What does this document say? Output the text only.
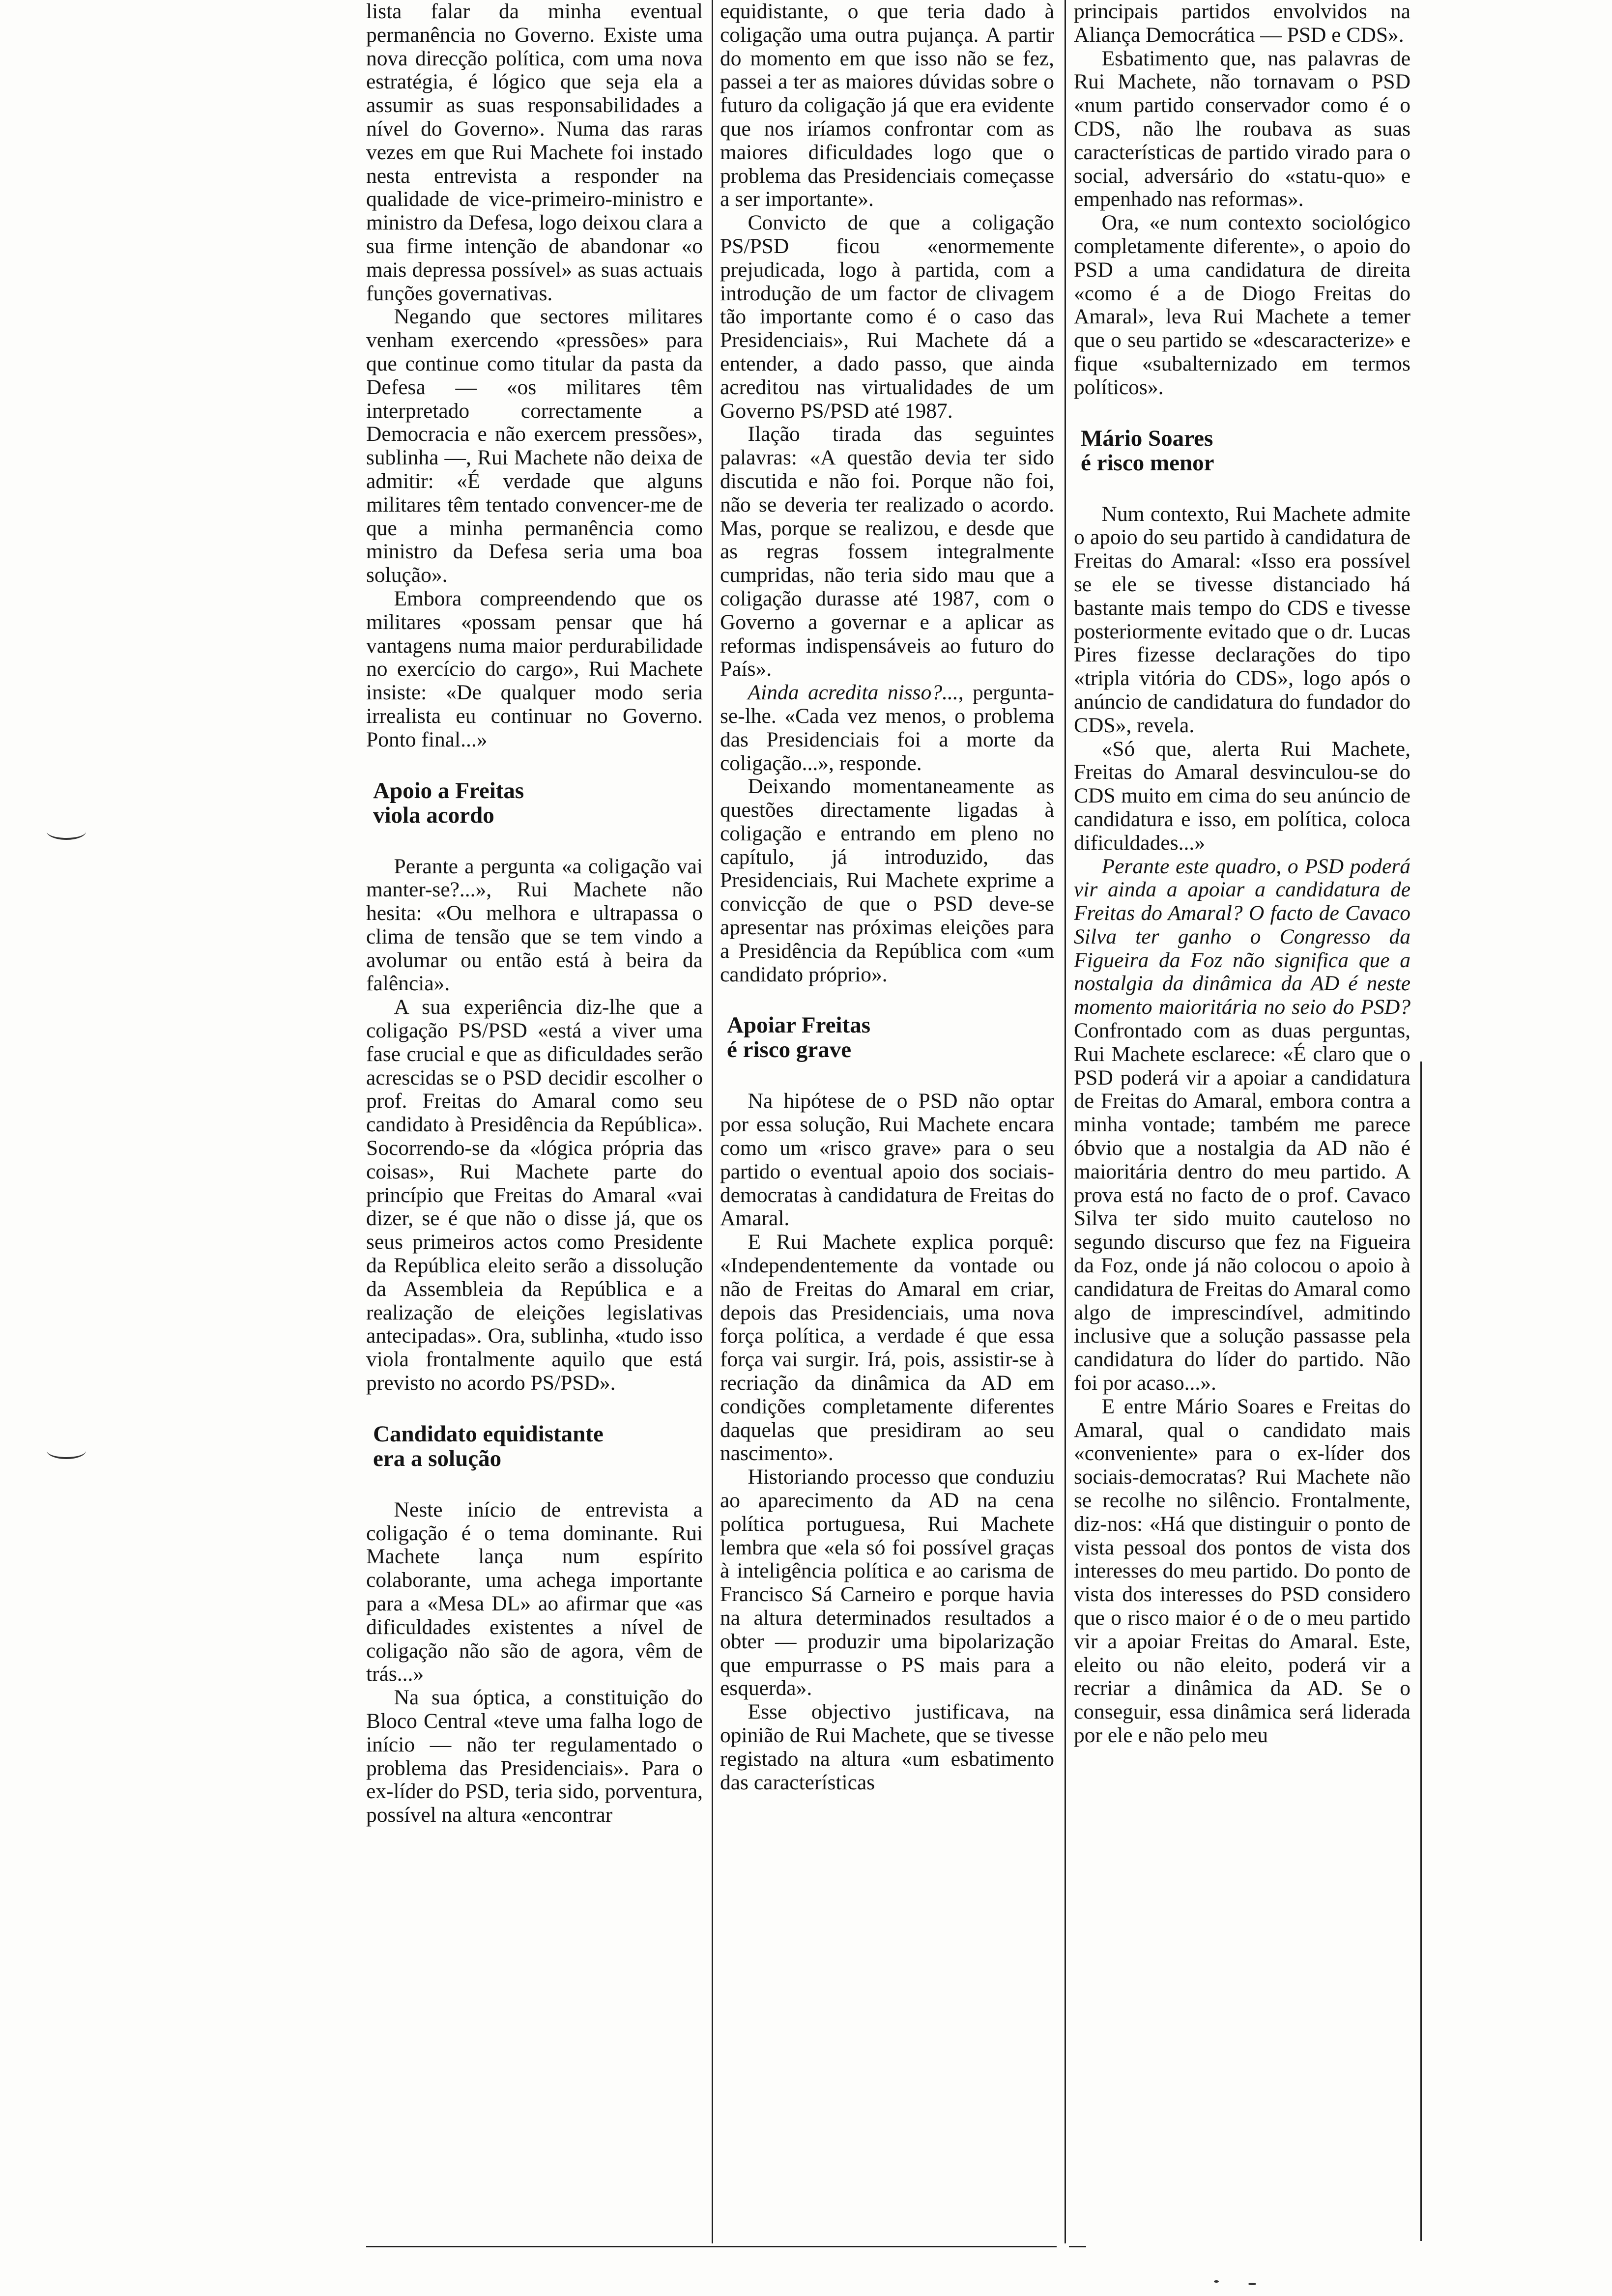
lista falar da minha eventual permanência no Governo. Existe uma nova direcção política, com uma nova estratégia, é lógico que seja ela a assumir as suas responsabilidades a nível do Governo». Numa das raras vezes em que Rui Machete foi instado nesta entrevista a responder na qualidade de vice-primeiro-ministro e ministro da Defesa, logo deixou clara a sua firme intenção de abandonar «o mais depressa possível» as suas actuais funções governativas.

Negando que sectores militares venham exercendo «pressões» para que continue como titular da pasta da Defesa — «os militares têm interpretado correctamente a Democracia e não exercem pressões», sublinha —, Rui Machete não deixa de admitir: «É verdade que alguns militares têm tentado convencer-me de que a minha permanência como ministro da Defesa seria uma boa solução».

Embora compreendendo que os militares «possam pensar que há vantagens numa maior perdurabilidade no exercício do cargo», Rui Machete insiste: «De qualquer modo seria irrealista eu continuar no Governo. Ponto final...»

Apoio a Freitas
viola acordo

Perante a pergunta «a coligação vai manter-se?...», Rui Machete não hesita: «Ou melhora e ultrapassa o clima de tensão que se tem vindo a avolumar ou então está à beira da falência».

A sua experiência diz-lhe que a coligação PS/PSD «está a viver uma fase crucial e que as dificuldades serão acrescidas se o PSD decidir escolher o prof. Freitas do Amaral como seu candidato à Presidência da República». Socorrendo-se da «lógica própria das coisas», Rui Machete parte do princípio que Freitas do Amaral «vai dizer, se é que não o disse já, que os seus primeiros actos como Presidente da República eleito serão a dissolução da Assembleia da República e a realização de eleições legislativas antecipadas». Ora, sublinha, «tudo isso viola frontalmente aquilo que está previsto no acordo PS/PSD».

Candidato equidistante
era a solução

Neste início de entrevista a coligação é o tema dominante. Rui Machete lança num espírito colaborante, uma achega importante para a «Mesa DL» ao afirmar que «as dificuldades existentes a nível de coligação não são de agora, vêm de trás...»

Na sua óptica, a constituição do Bloco Central «teve uma falha logo de início — não ter regulamentado o problema das Presidenciais». Para o ex-líder do PSD, teria sido, porventura, possível na altura «encontrar

equidistante, o que teria dado à coligação uma outra pujança. A partir do momento em que isso não se fez, passei a ter as maiores dúvidas sobre o futuro da coligação já que era evidente que nos iríamos confrontar com as maiores dificuldades logo que o problema das Presidenciais começasse a ser importante».

Convicto de que a coligação PS/PSD ficou «enormemente prejudicada, logo à partida, com a introdução de um factor de clivagem tão importante como é o caso das Presidenciais», Rui Machete dá a entender, a dado passo, que ainda acreditou nas virtualidades de um Governo PS/PSD até 1987.

Ilação tirada das seguintes palavras: «A questão devia ter sido discutida e não foi. Porque não foi, não se deveria ter realizado o acordo. Mas, porque se realizou, e desde que as regras fossem integralmente cumpridas, não teria sido mau que a coligação durasse até 1987, com o Governo a governar e a aplicar as reformas indispensáveis ao futuro do País».

Ainda acredita nisso?..., pergunta-se-lhe. «Cada vez menos, o problema das Presidenciais foi a morte da coligação...», responde.

Deixando momentaneamente as questões directamente ligadas à coligação e entrando em pleno no capítulo, já introduzido, das Presidenciais, Rui Machete exprime a convicção de que o PSD deve-se apresentar nas próximas eleições para a Presidência da República com «um candidato próprio».

Apoiar Freitas
é risco grave

Na hipótese de o PSD não optar por essa solução, Rui Machete encara como um «risco grave» para o seu partido o eventual apoio dos sociais-democratas à candidatura de Freitas do Amaral.

E Rui Machete explica porquê: «Independentemente da vontade ou não de Freitas do Amaral em criar, depois das Presidenciais, uma nova força política, a verdade é que essa força vai surgir. Irá, pois, assistir-se à recriação da dinâmica da AD em condições completamente diferentes daquelas que presidiram ao seu nascimento».

Historiando processo que conduziu ao aparecimento da AD na cena política portuguesa, Rui Machete lembra que «ela só foi possível graças à inteligência política e ao carisma de Francisco Sá Carneiro e porque havia na altura determinados resultados a obter — produzir uma bipolarização que empurrasse o PS mais para a esquerda».

Esse objectivo justificava, na opinião de Rui Machete, que se tivesse registado na altura «um esbatimento das características

principais partidos envolvidos na Aliança Democrática — PSD e CDS».

Esbatimento que, nas palavras de Rui Machete, não tornavam o PSD «num partido conservador como é o CDS, não lhe roubava as suas características de partido virado para o social, adversário do «statu-quo» e empenhado nas reformas».

Ora, «e num contexto sociológico completamente diferente», o apoio do PSD a uma candidatura de direita «como é a de Diogo Freitas do Amaral», leva Rui Machete a temer que o seu partido se «descaracterize» e fique «subalternizado em termos políticos».

Mário Soares
é risco menor

Num contexto, Rui Machete admite o apoio do seu partido à candidatura de Freitas do Amaral: «Isso era possível se ele se tivesse distanciado há bastante mais tempo do CDS e tivesse posteriormente evitado que o dr. Lucas Pires fizesse declarações do tipo «tripla vitória do CDS», logo após o anúncio de candidatura do fundador do CDS», revela.

«Só que, alerta Rui Machete, Freitas do Amaral desvinculou-se do CDS muito em cima do seu anúncio de candidatura e isso, em política, coloca dificuldades...»

Perante este quadro, o PSD poderá vir ainda a apoiar a candidatura de Freitas do Amaral? O facto de Cavaco Silva ter ganho o Congresso da Figueira da Foz não significa que a nostalgia da dinâmica da AD é neste momento maioritária no seio do PSD? Confrontado com as duas perguntas, Rui Machete esclarece: «É claro que o PSD poderá vir a apoiar a candidatura de Freitas do Amaral, embora contra a minha vontade; também me parece óbvio que a nostalgia da AD não é maioritária dentro do meu partido. A prova está no facto de o prof. Cavaco Silva ter sido muito cauteloso no segundo discurso que fez na Figueira da Foz, onde já não colocou o apoio à candidatura de Freitas do Amaral como algo de imprescindível, admitindo inclusive que a solução passasse pela candidatura do líder do partido. Não foi por acaso...».

E entre Mário Soares e Freitas do Amaral, qual o candidato mais «conveniente» para o ex-líder dos sociais-democratas? Rui Machete não se recolhe no silêncio. Frontalmente, diz-nos: «Há que distinguir o ponto de vista pessoal dos pontos de vista dos interesses do meu partido. Do ponto de vista dos interesses do PSD considero que o risco maior é o de o meu partido vir a apoiar Freitas do Amaral. Este, eleito ou não eleito, poderá vir a recriar a dinâmica da AD. Se o conseguir, essa dinâmica será liderada por ele e não pelo meu
